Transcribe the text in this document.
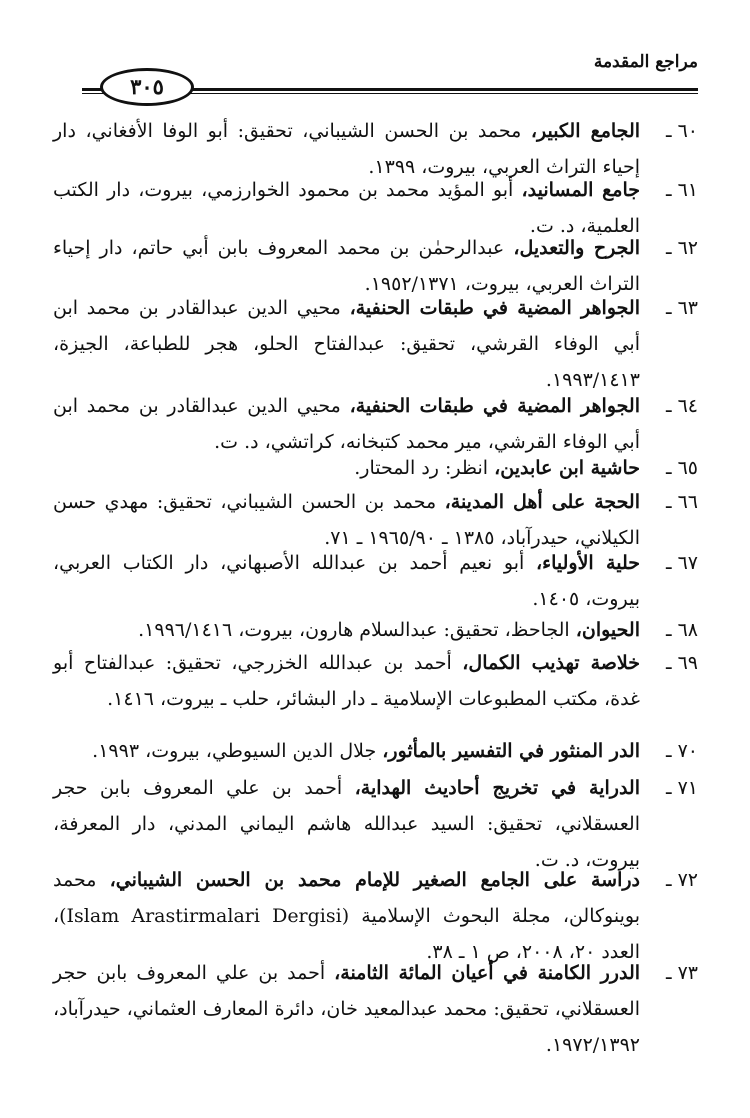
مراجع المقدمة
٣٠٥
٦٠ ـ
الجامع الكبير، محمد بن الحسن الشيباني، تحقيق: أبو الوفا الأفغاني، دار إحياء التراث العربي، بيروت، ١٣٩٩.
٦١ ـ
جامع المسانيد، أبو المؤيد محمد بن محمود الخوارزمي، بيروت، دار الكتب العلمية، د. ت.
٦٢ ـ
الجرح والتعديل، عبدالرحمٰن بن محمد المعروف بابن أبي حاتم، دار إحياء التراث العربي، بيروت، ١٩٥٢/١٣٧١.
٦٣ ـ
الجواهر المضية في طبقات الحنفية، محيي الدين عبدالقادر بن محمد ابن أبي الوفاء القرشي، تحقيق: عبدالفتاح الحلو، هجر للطباعة، الجيزة، ١٩٩٣/١٤١٣.
٦٤ ـ
الجواهر المضية في طبقات الحنفية، محيي الدين عبدالقادر بن محمد ابن أبي الوفاء القرشي، مير محمد كتبخانه، كراتشي، د. ت.
٦٥ ـ
حاشية ابن عابدين، انظر: رد المحتار.
٦٦ ـ
الحجة على أهل المدينة، محمد بن الحسن الشيباني، تحقيق: مهدي حسن الكيلاني، حيدرآباد، ١٣٨٥ ـ ١٩٦٥/٩٠ ـ ٧١.
٦٧ ـ
حلية الأولياء، أبو نعيم أحمد بن عبدالله الأصبهاني، دار الكتاب العربي، بيروت، ١٤٠٥.
٦٨ ـ
الحيوان، الجاحظ، تحقيق: عبدالسلام هارون، بيروت، ١٩٩٦/١٤١٦.
٦٩ ـ
خلاصة تهذيب الكمال، أحمد بن عبدالله الخزرجي، تحقيق: عبدالفتاح أبو غدة، مكتب المطبوعات الإسلامية ـ دار البشائر، حلب ـ بيروت، ١٤١٦.
٧٠ ـ
الدر المنثور في التفسير بالمأثور، جلال الدين السيوطي، بيروت، ١٩٩٣.
٧١ ـ
الدراية في تخريج أحاديث الهداية، أحمد بن علي المعروف بابن حجر العسقلاني، تحقيق: السيد عبدالله هاشم اليماني المدني، دار المعرفة، بيروت، د. ت.
٧٢ ـ
دراسة على الجامع الصغير للإمام محمد بن الحسن الشيباني، محمد بوينوكالن، مجلة البحوث الإسلامية (Islam Arastirmalari Dergisi)، العدد ٢٠، ٢٠٠٨، ص ١ ـ ٣٨.
٧٣ ـ
الدرر الكامنة في أعيان المائة الثامنة، أحمد بن علي المعروف بابن حجر العسقلاني، تحقيق: محمد عبدالمعيد خان، دائرة المعارف العثماني، حيدرآباد، ١٩٧٢/١٣٩٢.
